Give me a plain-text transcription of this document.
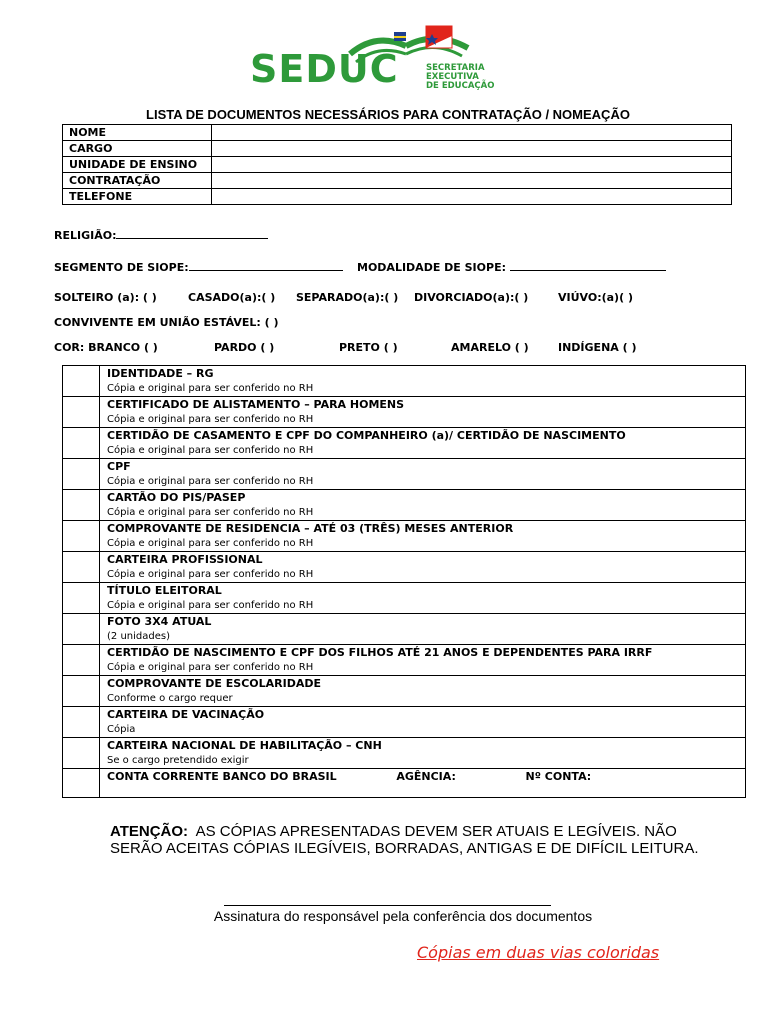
SEDUC	SECRETARIA
EXECUTIVA
DE EDUCAÇÃO
LISTA DE DOCUMENTOS NECESSÁRIOS PARA CONTRATAÇÃO / NOMEAÇÃO
NOME	
CARGO	
UNIDADE DE ENSINO	
CONTRATAÇÃO	
TELEFONE	
RELIGIÃO:
SEGMENTO DE SIOPE:	MODALIDADE DE SIOPE:
SOLTEIRO (a): ( )	CASADO(a):( ) SEPARADO(a):( ) DIVORCIADO(a):( )	VIÚVO:(a)( )
CONVIVENTE EM UNIÃO ESTÁVEL: ( )
COR: BRANCO ( )	PARDO ( )	PRETO ( )	AMARELO ( )	INDÍGENA ( )

	IDENTIDADE – RG
Cópia e original para ser conferido no RH

	CERTIFICADO DE ALISTAMENTO – PARA HOMENS
Cópia e original para ser conferido no RH

	CERTIDÃO DE CASAMENTO E CPF DO COMPANHEIRO (a)/ CERTIDÃO DE NASCIMENTO
Cópia e original para ser conferido no RH

	CPF
Cópia e original para ser conferido no RH

	CARTÃO DO PIS/PASEP
Cópia e original para ser conferido no RH

	COMPROVANTE DE RESIDENCIA – ATÉ 03 (TRÊS) MESES ANTERIOR
Cópia e original para ser conferido no RH

	CARTEIRA PROFISSIONAL
Cópia e original para ser conferido no RH

	TÍTULO ELEITORAL
Cópia e original para ser conferido no RH

	FOTO 3X4 ATUAL
(2 unidades)

	CERTIDÃO DE NASCIMENTO E CPF DOS FILHOS ATÉ 21 ANOS E DEPENDENTES PARA IRRF
Cópia e original para ser conferido no RH

	COMPROVANTE DE ESCOLARIDADE
Conforme o cargo requer

	CARTEIRA DE VACINAÇÃO
Cópia

	CARTEIRA NACIONAL DE HABILITAÇÃO – CNH
Se o cargo pretendido exigir

	CONTA CORRENTE BANCO DO BRASIL AGÊNCIA: Nº CONTA:
ATENÇÃO: AS CÓPIAS APRESENTADAS DEVEM SER ATUAIS E LEGÍVEIS. NÃO SERÃO ACEITAS CÓPIAS ILEGÍVEIS, BORRADAS, ANTIGAS E DE DIFÍCIL LEITURA.
Assinatura do responsável pela conferência dos documentos
Cópias em duas vias coloridas
